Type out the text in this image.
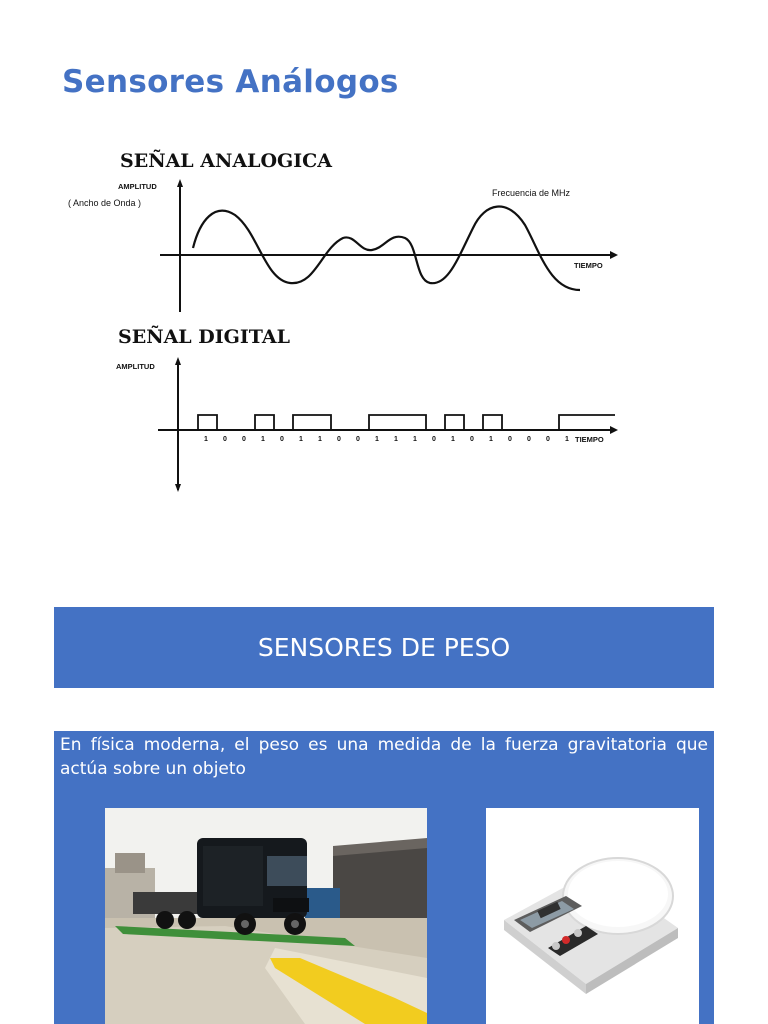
Sensores Análogos
SEÑAL ANALOGICA
AMPLITUD
( Ancho de Onda )
Frecuencia de MHz
TIEMPO
SEÑAL DIGITAL
AMPLITUD
TIEMPO
1 0 0 1 0 1 1 0 0 1 1 1 0 1 0 1 0 0 0 1
SENSORES DE PESO

En física moderna, el peso es una medida de la fuerza gravitatoria que actúa sobre un objeto
